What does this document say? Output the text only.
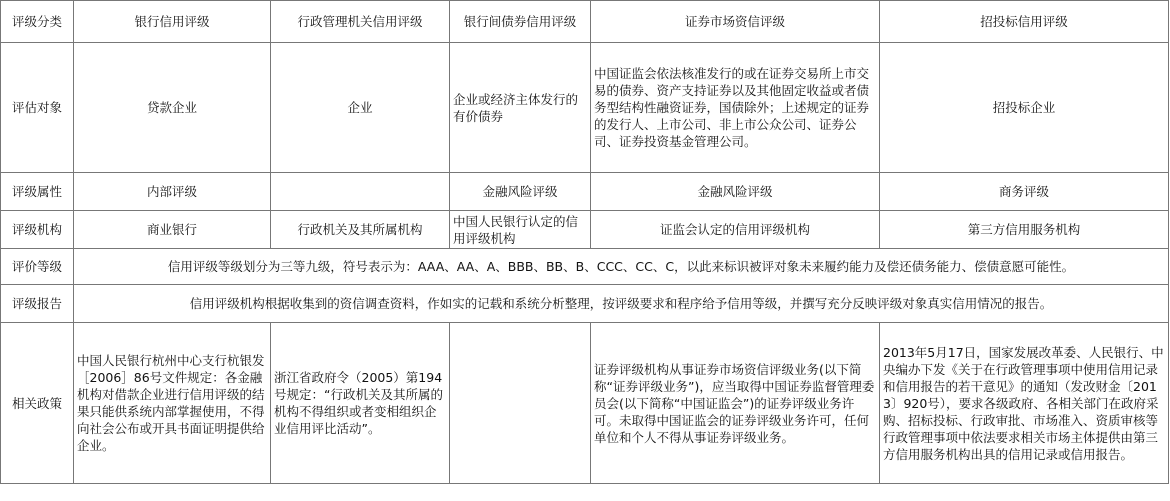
评级分类	银行信用评级	行政管理机关信用评级	银行间债券信用评级	证券市场资信评级	招投标信用评级
评估对象	贷款企业	企业	企业或经济主体发行的有价债券	中国证监会依法核准发行的或在证券交易所上市交易的债券、资产支持证券以及其他固定收益或者债务型结构性融资证券，国债除外；上述规定的证券的发行人、上市公司、非上市公众公司、证券公司、证券投资基金管理公司。	招投标企业
评级属性	内部评级		金融风险评级	金融风险评级	商务评级
评级机构	商业银行	行政机关及其所属机构	中国人民银行认定的信用评级机构	证监会认定的信用评级机构	第三方信用服务机构
评价等级	信用评级等级划分为三等九级，符号表示为：AAA、AA、A、BBB、BB、B、CCC、CC、C，以此来标识被评对象未来履约能力及偿还债务能力、偿债意愿可能性。				
评级报告	信用评级机构根据收集到的资信调查资料，作如实的记载和系统分析整理，按评级要求和程序给予信用等级，并撰写充分反映评级对象真实信用情况的报告。				
相关政策	中国人民银行杭州中心支行杭银发［2006］86号文件规定：各金融机构对借款企业进行信用评级的结果只能供系统内部掌握使用，不得向社会公布或开具书面证明提供给企业。	浙江省政府令（2005）第194号规定：“行政机关及其所属的机构不得组织或者变相组织企业信用评比活动”。		证券评级机构从事证券市场资信评级业务(以下简称“证券评级业务”)，应当取得中国证券监督管理委员会(以下简称“中国证监会”)的证券评级业务许可。未取得中国证监会的证券评级业务许可，任何单位和个人不得从事证券评级业务。	2013年5月17日，国家发展改革委、人民银行、中央编办下发《关于在行政管理事项中使用信用记录和信用报告的若干意见》的通知（发改财金〔2013〕920号），要求各级政府、各相关部门在政府采购、招标投标、行政审批、市场准入、资质审核等行政管理事项中依法要求相关市场主体提供由第三方信用服务机构出具的信用记录或信用报告。
